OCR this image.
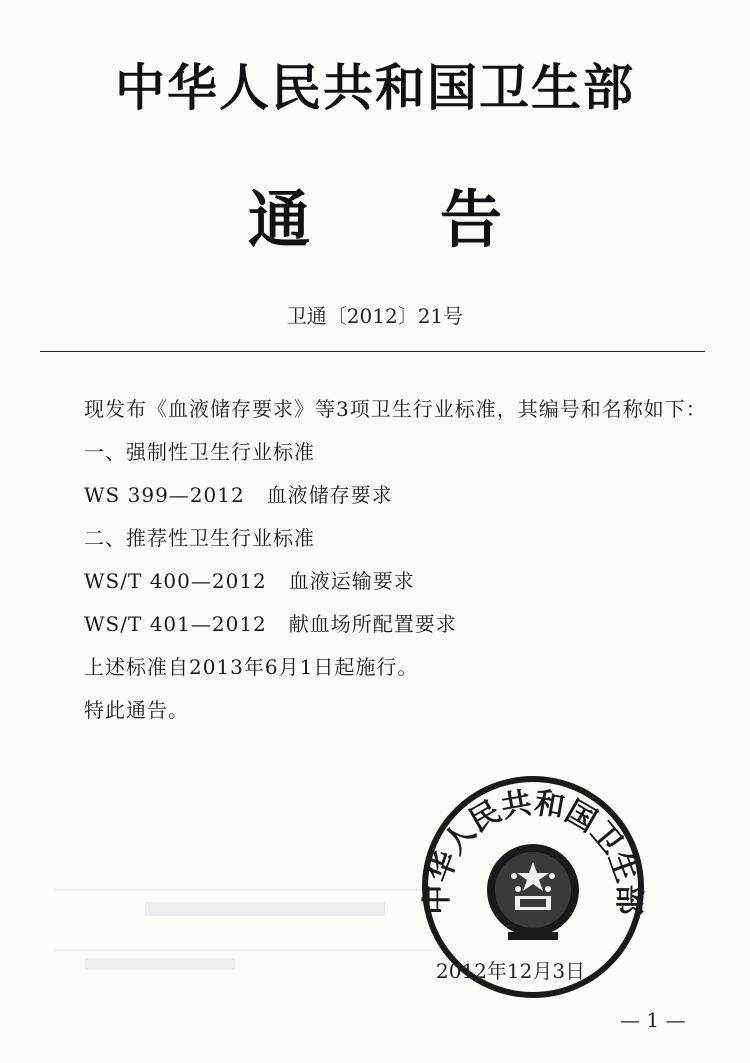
中华人民共和国卫生部
通告
卫通〔2012〕21号

现发布《血液储存要求》等3项卫生行业标准，其编号和名称如下：

一、强制性卫生行业标准

WS 399—2012 血液储存要求

二、推荐性卫生行业标准

WS/T 400—2012 血液运输要求

WS/T 401—2012 献血场所配置要求

上述标准自2013年6月1日起施行。

特此通告。

中华人民共和国卫生部
2012年12月3日
— 1 —
